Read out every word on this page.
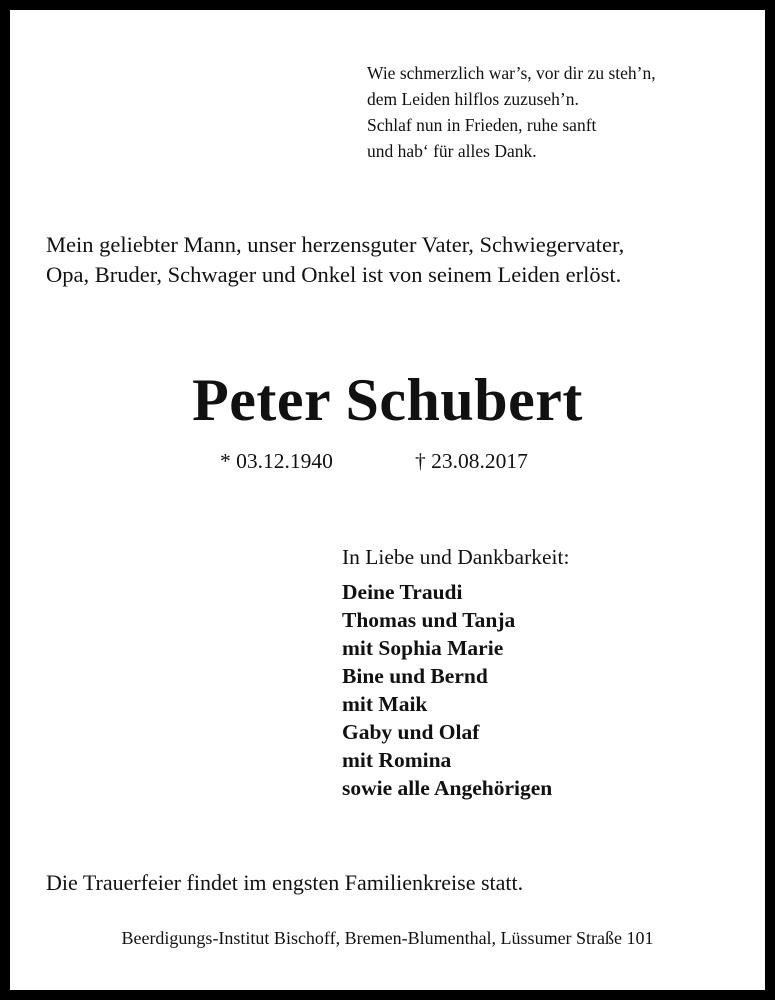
Wie schmerzlich war’s, vor dir zu steh’n,
dem Leiden hilflos zuzuseh’n.
Schlaf nun in Frieden, ruhe sanft
und hab‘ für alles Dank.
Mein geliebter Mann, unser herzensguter Vater, Schwiegervater,
Opa, Bruder, Schwager und Onkel ist von seinem Leiden erlöst.
Peter Schubert
* 03.12.1940	† 23.08.2017
In Liebe und Dankbarkeit:
Deine Traudi
Thomas und Tanja
mit Sophia Marie
Bine und Bernd
mit Maik
Gaby und Olaf
mit Romina
sowie alle Angehörigen
Die Trauerfeier findet im engsten Familienkreise statt.
Beerdigungs-Institut Bischoff, Bremen-Blumenthal, Lüssumer Straße 101
